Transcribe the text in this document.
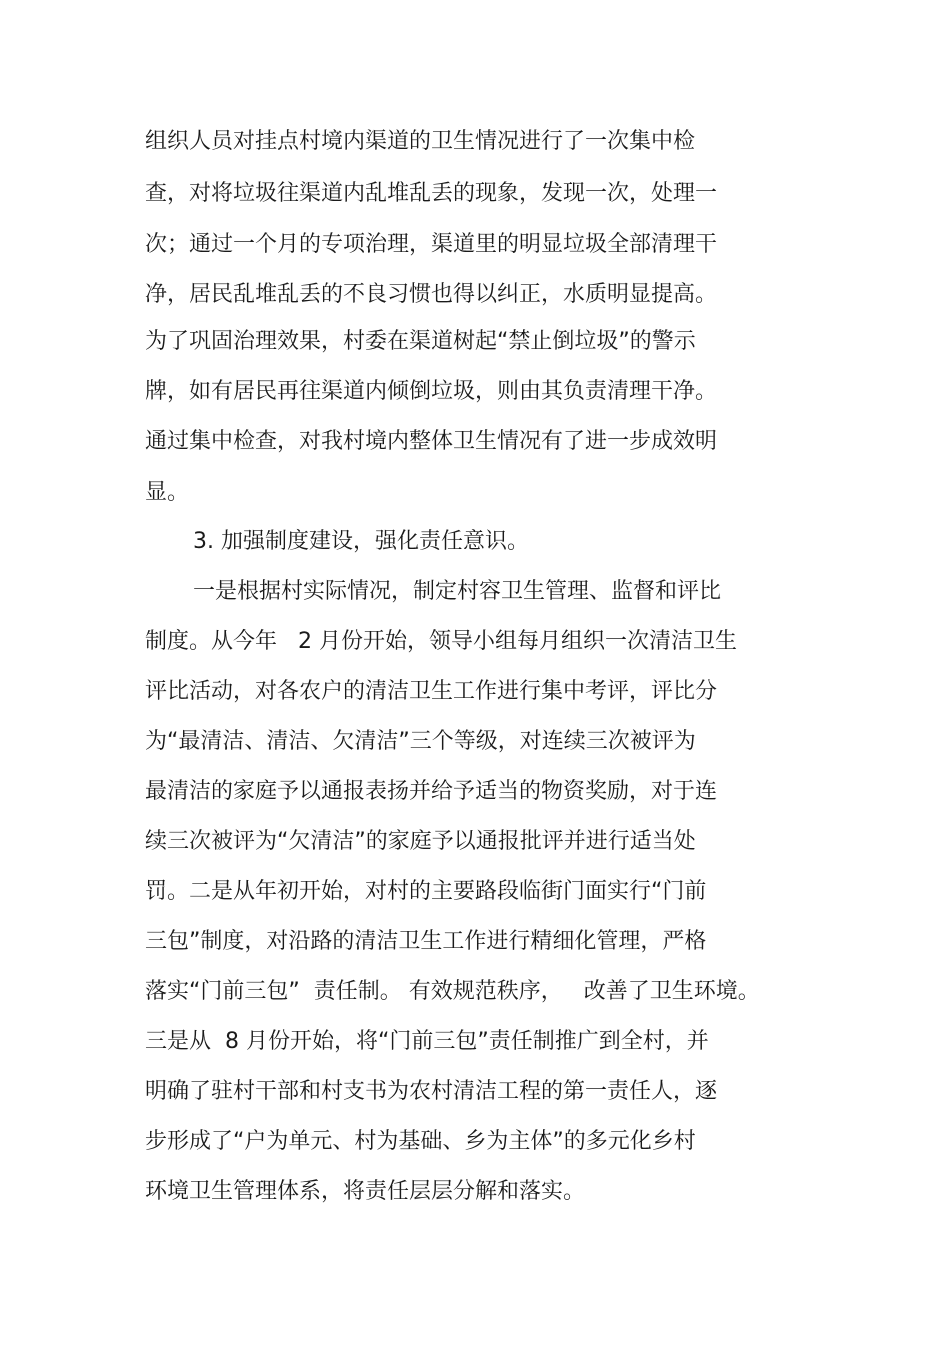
组织人员对挂点村境内渠道的卫生情况进行了一次集中检
查，对将垃圾往渠道内乱堆乱丢的现象，发现一次，处理一
次；通过一个月的专项治理，渠道里的明显垃圾全部清理干
净，居民乱堆乱丢的不良习惯也得以纠正，水质明显提高。
为了巩固治理效果，村委在渠道树起“禁止倒垃圾”的警示
牌，如有居民再往渠道内倾倒垃圾，则由其负责清理干净。
通过集中检查，对我村境内整体卫生情况有了进一步成效明
显。
3. 加强制度建设，强化责任意识。
一是根据村实际情况，制定村容卫生管理、监督和评比
制度。从今年   2 月份开始，领导小组每月组织一次清洁卫生
评比活动，对各农户的清洁卫生工作进行集中考评，评比分
为“最清洁、清洁、欠清洁”三个等级，对连续三次被评为
最清洁的家庭予以通报表扬并给予适当的物资奖励，对于连
续三次被评为“欠清洁”的家庭予以通报批评并进行适当处
罚。二是从年初开始，对村的主要路段临街门面实行“门前
三包”制度，对沿路的清洁卫生工作进行精细化管理，严格
落实“门前三包”  责任制。 有效规范秩序，   改善了卫生环境。
三是从  8 月份开始，将“门前三包”责任制推广到全村，并
明确了驻村干部和村支书为农村清洁工程的第一责任人，逐
步形成了“户为单元、村为基础、乡为主体”的多元化乡村
环境卫生管理体系，将责任层层分解和落实。
